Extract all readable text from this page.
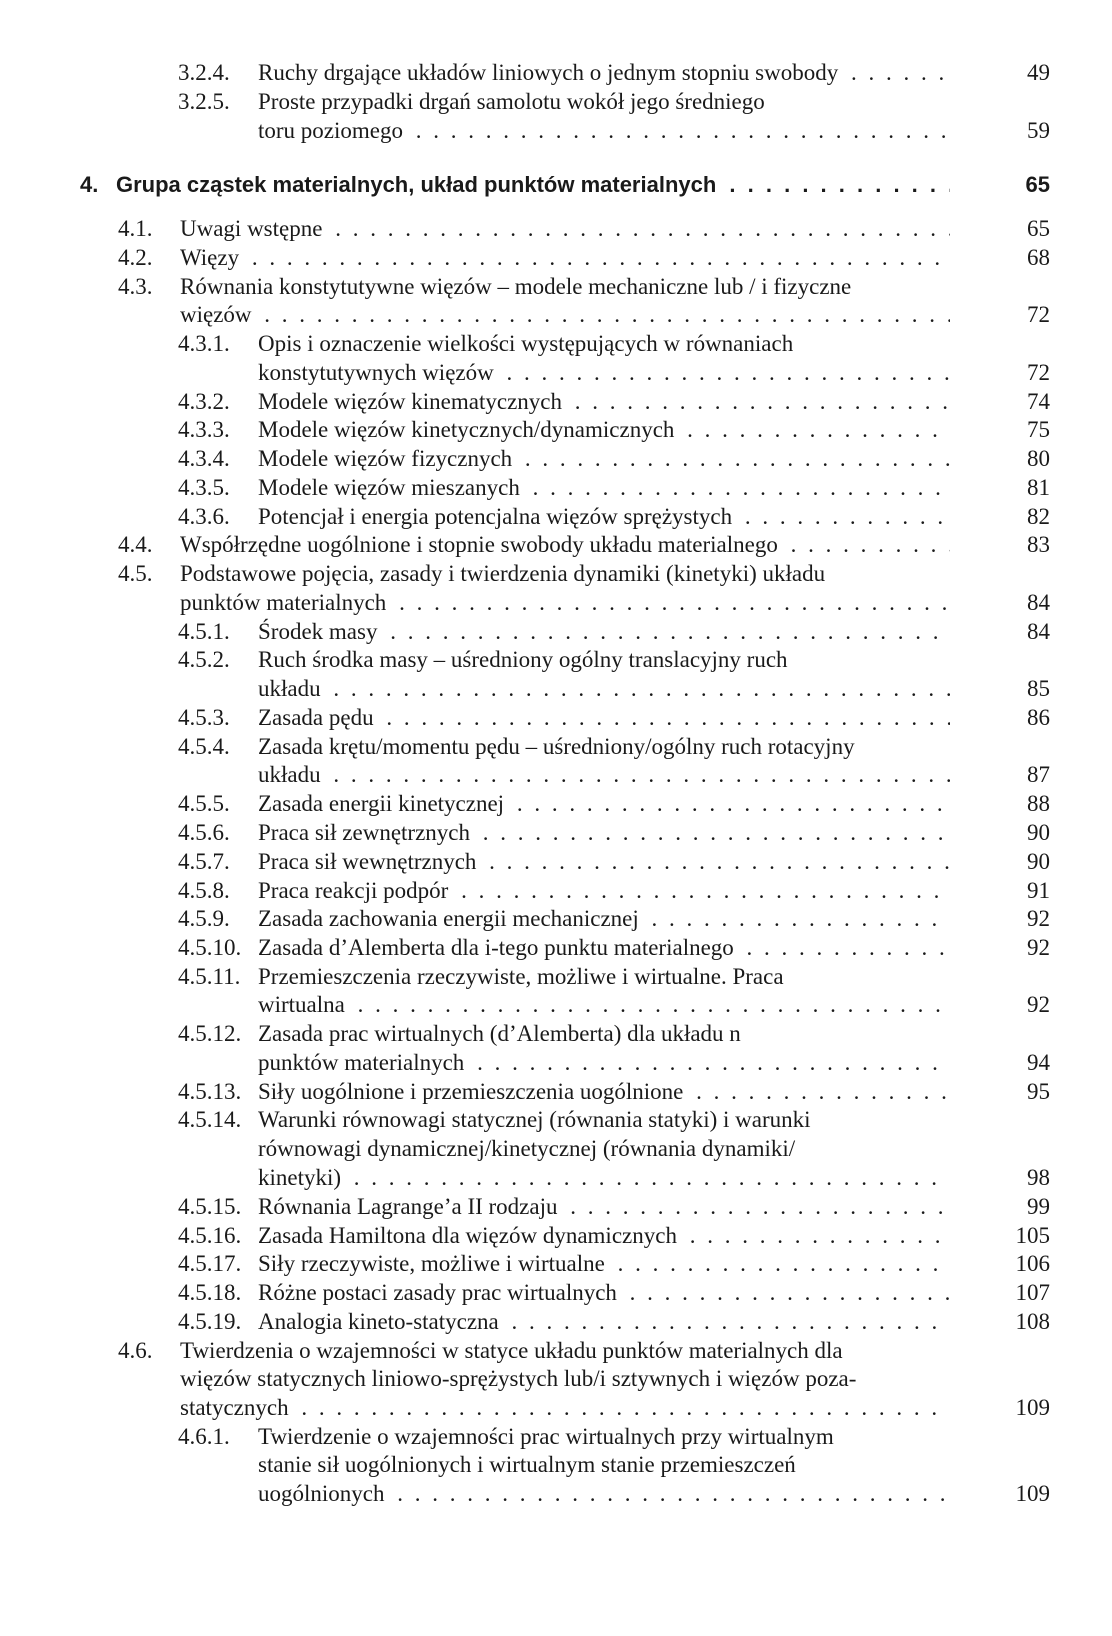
3.2.4. Ruchy drgające układów liniowych o jednym stopniu swobody . . .	49
3.2.5. Proste przypadki drgań samolotu wokół jego średniego
toru poziomego . . .	59
4. Grupa cząstek materialnych, układ punktów materialnych . . .	65
4.1. Uwagi wstępne . . .	65
4.2. Więzy . . .	68
4.3. Równania konstytutywne więzów – modele mechaniczne lub / i fizyczne
więzów . . .	72
4.3.1. Opis i oznaczenie wielkości występujących w równaniach
konstytutywnych więzów . . .	72
4.3.2. Modele więzów kinematycznych . . .	74
4.3.3. Modele więzów kinetycznych/dynamicznych . . .	75
4.3.4. Modele więzów fizycznych . . .	80
4.3.5. Modele więzów mieszanych . . .	81
4.3.6. Potencjał i energia potencjalna więzów sprężystych . . .	82
4.4. Współrzędne uogólnione i stopnie swobody układu materialnego . . .	83
4.5. Podstawowe pojęcia, zasady i twierdzenia dynamiki (kinetyki) układu
punktów materialnych . . .	84
4.5.1. Środek masy . . .	84
4.5.2. Ruch środka masy – uśredniony ogólny translacyjny ruch
układu . . .	85
4.5.3. Zasada pędu . . .	86
4.5.4. Zasada krętu/momentu pędu – uśredniony/ogólny ruch rotacyjny
układu . . .	87
4.5.5. Zasada energii kinetycznej . . .	88
4.5.6. Praca sił zewnętrznych . . .	90
4.5.7. Praca sił wewnętrznych . . .	90
4.5.8. Praca reakcji podpór . . .	91
4.5.9. Zasada zachowania energii mechanicznej . . .	92
4.5.10. Zasada d’Alemberta dla i-tego punktu materialnego . . .	92
4.5.11. Przemieszczenia rzeczywiste, możliwe i wirtualne. Praca
wirtualna . . .	92
4.5.12. Zasada prac wirtualnych (d’Alemberta) dla układu n
punktów materialnych . . .	94
4.5.13. Siły uogólnione i przemieszczenia uogólnione . . .	95
4.5.14. Warunki równowagi statycznej (równania statyki) i warunki
równowagi dynamicznej/kinetycznej (równania dynamiki/
kinetyki) . . .	98
4.5.15. Równania Lagrange’a II rodzaju . . .	99
4.5.16. Zasada Hamiltona dla więzów dynamicznych . . .	105
4.5.17. Siły rzeczywiste, możliwe i wirtualne . . .	106
4.5.18. Różne postaci zasady prac wirtualnych . . .	107
4.5.19. Analogia kineto-statyczna . . .	108
4.6. Twierdzenia o wzajemności w statyce układu punktów materialnych dla
więzów statycznych liniowo-sprężystych lub/i sztywnych i więzów poza-
statycznych . . .	109
4.6.1. Twierdzenie o wzajemności prac wirtualnych przy wirtualnym
stanie sił uogólnionych i wirtualnym stanie przemieszczeń
uogólnionych . . .	109
